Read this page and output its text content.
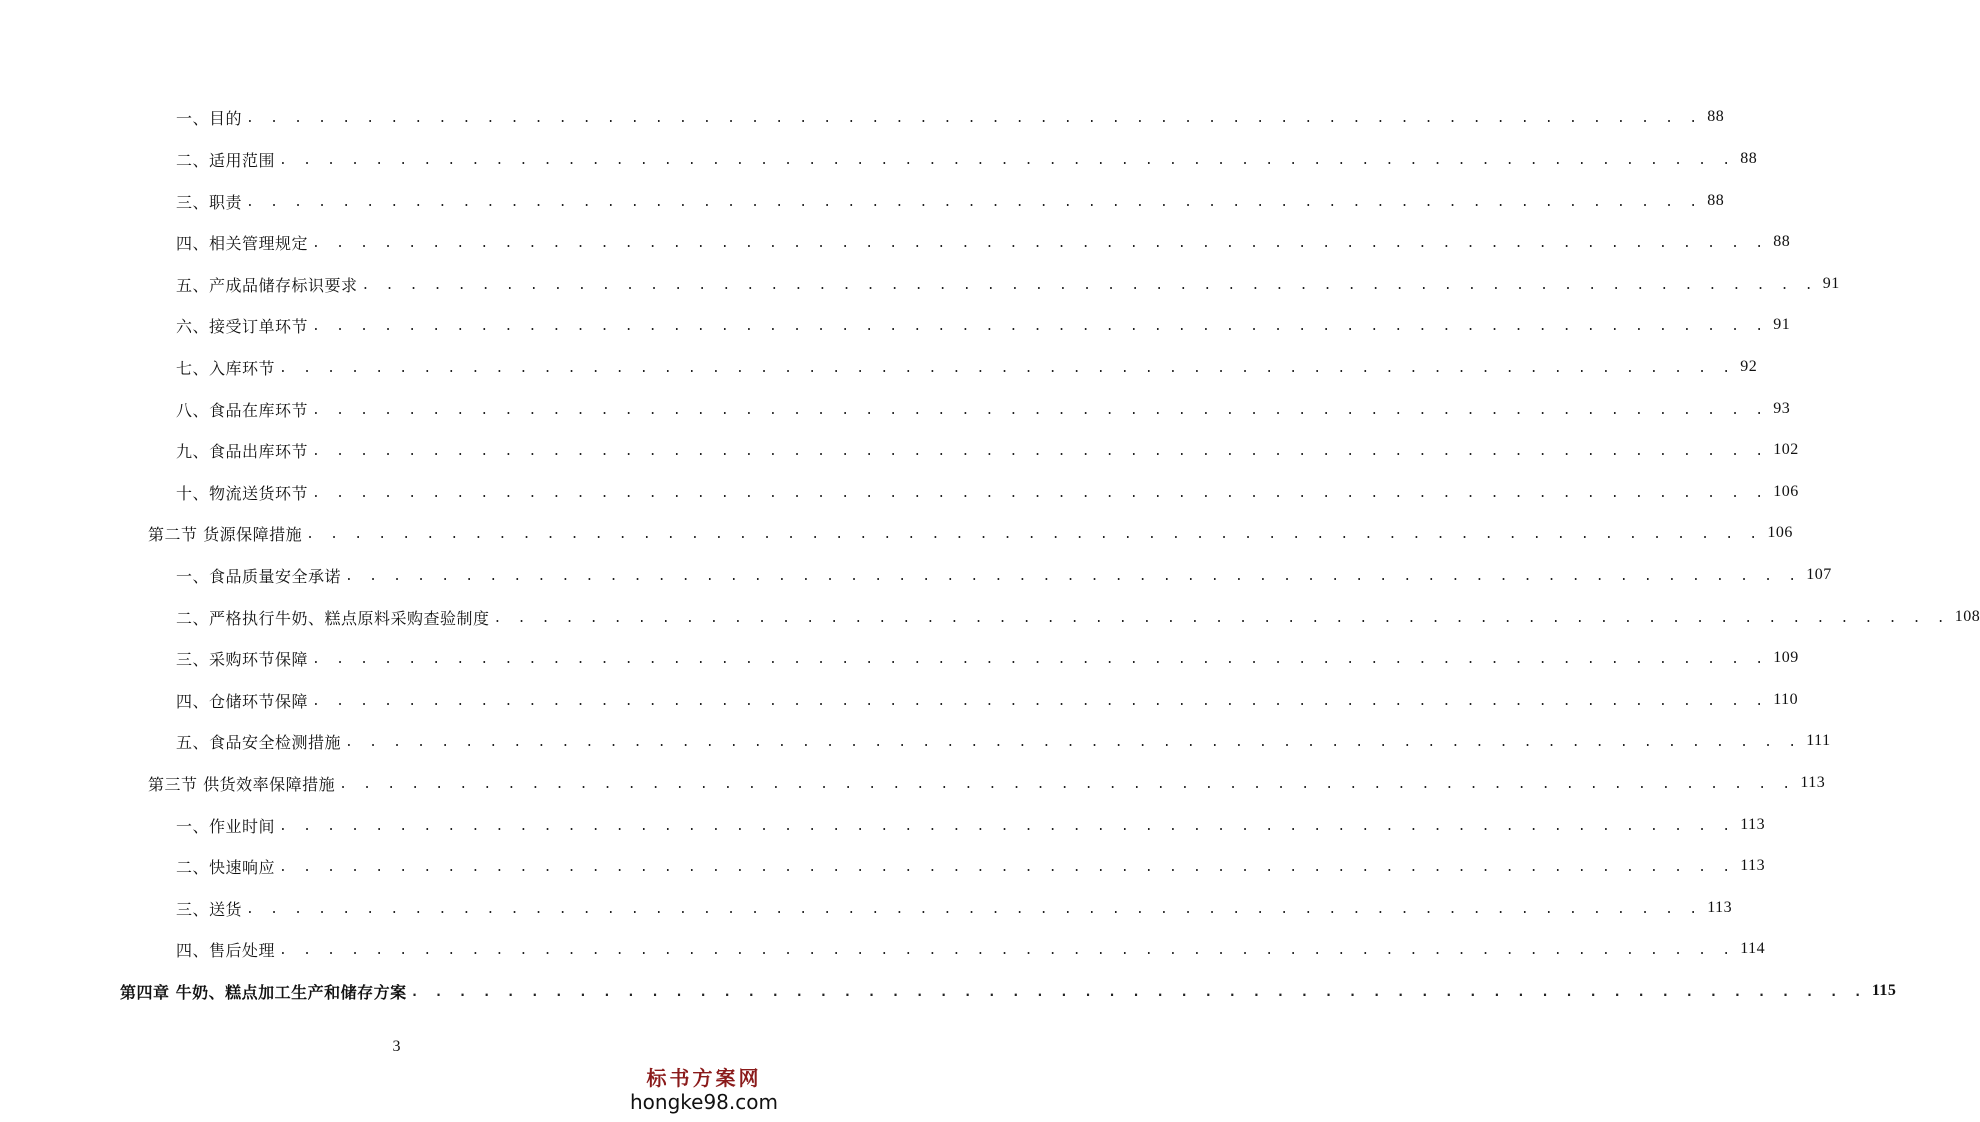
一、目的 . . . . . . . . . . . . . . . . . . . . . . . . . . . . . . . . . . . . . . . . . . . . . . . . . . . . . . . . . . . . . 88
二、适用范围 . . . . . . . . . . . . . . . . . . . . . . . . . . . . . . . . . . . . . . . . . . . . . . . . . . . . . . . . . . . . . 88
三、职责 . . . . . . . . . . . . . . . . . . . . . . . . . . . . . . . . . . . . . . . . . . . . . . . . . . . . . . . . . . . . . 88
四、相关管理规定 . . . . . . . . . . . . . . . . . . . . . . . . . . . . . . . . . . . . . . . . . . . . . . . . . . . . . . . . . . . . . 88
五、产成品储存标识要求 . . . . . . . . . . . . . . . . . . . . . . . . . . . . . . . . . . . . . . . . . . . . . . . . . . . . . . . . . . . . . 91
六、接受订单环节 . . . . . . . . . . . . . . . . . . . . . . . . . . . . . . . . . . . . . . . . . . . . . . . . . . . . . . . . . . . . . 91
七、入库环节 . . . . . . . . . . . . . . . . . . . . . . . . . . . . . . . . . . . . . . . . . . . . . . . . . . . . . . . . . . . . . 92
八、食品在库环节 . . . . . . . . . . . . . . . . . . . . . . . . . . . . . . . . . . . . . . . . . . . . . . . . . . . . . . . . . . . . . 93
九、食品出库环节 . . . . . . . . . . . . . . . . . . . . . . . . . . . . . . . . . . . . . . . . . . . . . . . . . . . . . . . . . . . . . 102
十、物流送货环节 . . . . . . . . . . . . . . . . . . . . . . . . . . . . . . . . . . . . . . . . . . . . . . . . . . . . . . . . . . . . . 106
第二节 货源保障措施 . . . . . . . . . . . . . . . . . . . . . . . . . . . . . . . . . . . . . . . . . . . . . . . . . . . . . . . . . . . . . 106
一、食品质量安全承诺 . . . . . . . . . . . . . . . . . . . . . . . . . . . . . . . . . . . . . . . . . . . . . . . . . . . . . . . . . . . . . 107
二、严格执行牛奶、糕点原料采购查验制度 . . . . . . . . . . . . . . . . . . . . . . . . . . . . . . . . . . . . . . . . . . . . . . . . . . . . . . . . . . . . . 108
三、采购环节保障 . . . . . . . . . . . . . . . . . . . . . . . . . . . . . . . . . . . . . . . . . . . . . . . . . . . . . . . . . . . . . 109
四、仓储环节保障 . . . . . . . . . . . . . . . . . . . . . . . . . . . . . . . . . . . . . . . . . . . . . . . . . . . . . . . . . . . . . 110
五、食品安全检测措施 . . . . . . . . . . . . . . . . . . . . . . . . . . . . . . . . . . . . . . . . . . . . . . . . . . . . . . . . . . . . . 111
第三节 供货效率保障措施 . . . . . . . . . . . . . . . . . . . . . . . . . . . . . . . . . . . . . . . . . . . . . . . . . . . . . . . . . . . . . 113
一、作业时间 . . . . . . . . . . . . . . . . . . . . . . . . . . . . . . . . . . . . . . . . . . . . . . . . . . . . . . . . . . . . . 113
二、快速响应 . . . . . . . . . . . . . . . . . . . . . . . . . . . . . . . . . . . . . . . . . . . . . . . . . . . . . . . . . . . . . 113
三、送货 . . . . . . . . . . . . . . . . . . . . . . . . . . . . . . . . . . . . . . . . . . . . . . . . . . . . . . . . . . . . . 113
四、售后处理 . . . . . . . . . . . . . . . . . . . . . . . . . . . . . . . . . . . . . . . . . . . . . . . . . . . . . . . . . . . . . 114
第四章 牛奶、糕点加工生产和储存方案 . . . . . . . . . . . . . . . . . . . . . . . . . . . . . . . . . . . . . . . . . . . . . . . . . . . . . . . . . . . . . 115
3
标书方案网
hongke98.com
